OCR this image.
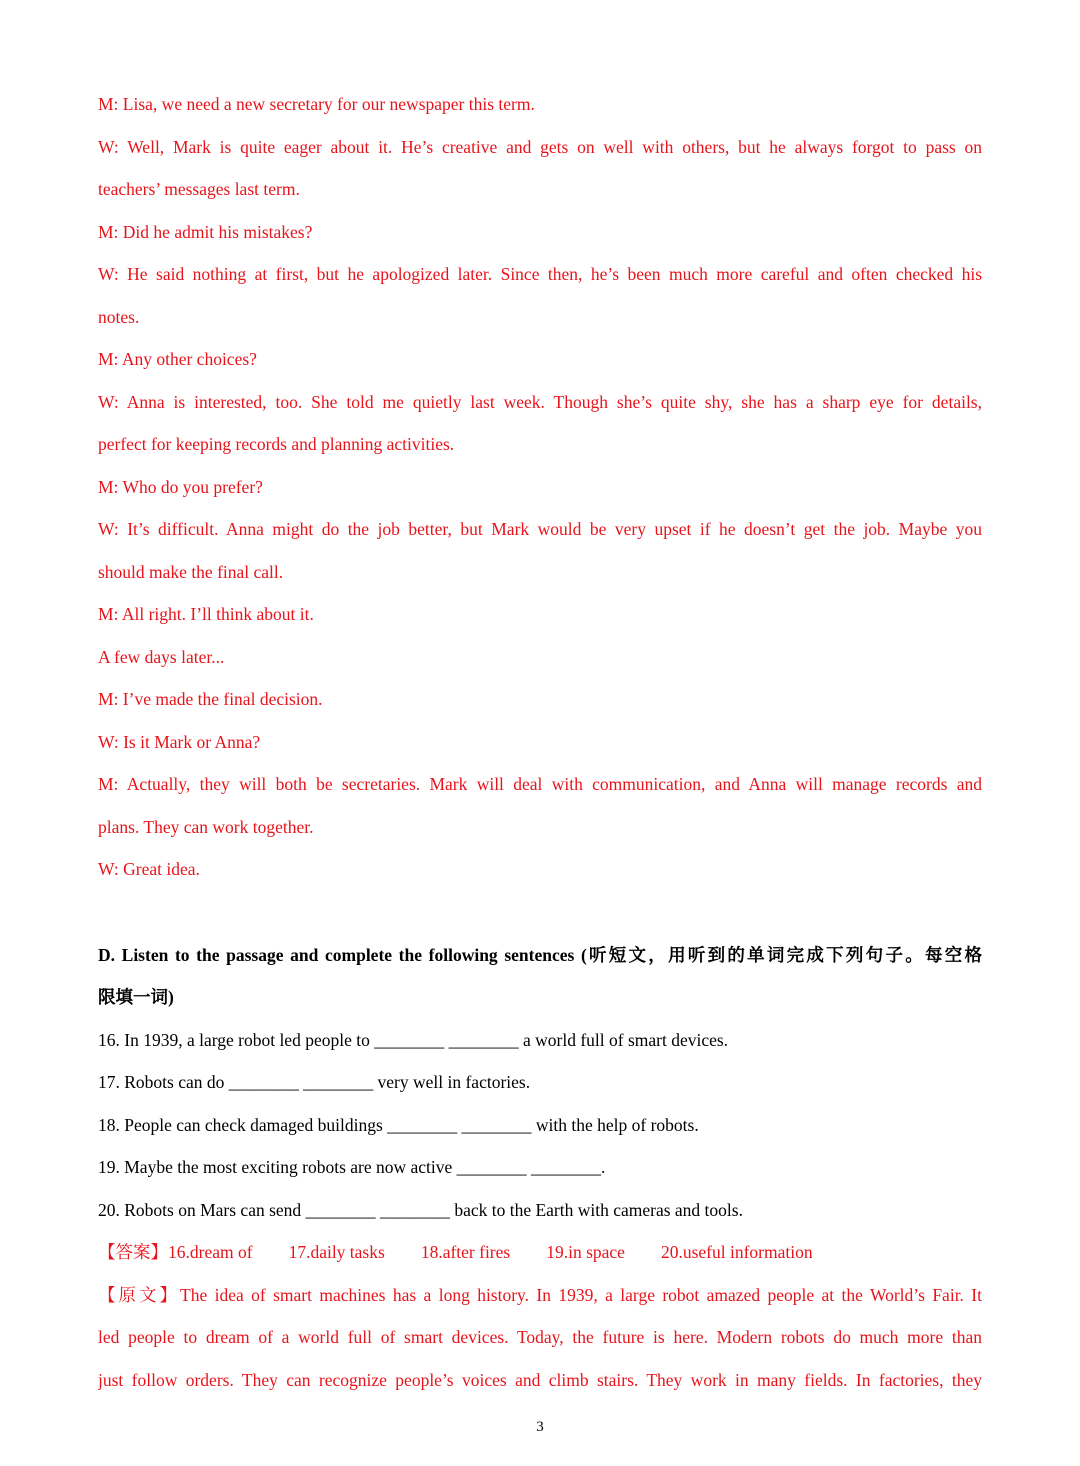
M: Lisa, we need a new secretary for our newspaper this term.
W: Well, Mark is quite eager about it. He’s creative and gets on well with others, but he always forgot to pass on
teachers’ messages last term.
M: Did he admit his mistakes?
W: He said nothing at first, but he apologized later. Since then, he’s been much more careful and often checked his
notes.
M: Any other choices?
W: Anna is interested, too. She told me quietly last week. Though she’s quite shy, she has a sharp eye for details,
perfect for keeping records and planning activities.
M: Who do you prefer?
W: It’s difficult. Anna might do the job better, but Mark would be very upset if he doesn’t get the job. Maybe you
should make the final call.
M: All right. I’ll think about it.
A few days later...
M: I’ve made the final decision.
W: Is it Mark or Anna?
M: Actually, they will both be secretaries. Mark will deal with communication, and Anna will manage records and
plans. They can work together.
W: Great idea.
D. Listen to the passage and complete the following sentences (听短文，用听到的单词完成下列句子。每空格
限填一词)
16. In 1939, a large robot led people to ________ ________ a world full of smart devices.
17. Robots can do ________ ________ very well in factories.
18. People can check damaged buildings ________ ________ with the help of robots.
19. Maybe the most exciting robots are now active ________ ________.
20. Robots on Mars can send ________ ________ back to the Earth with cameras and tools.
【答案】16.dream of 17.daily tasks 18.after fires 19.in space 20.useful information
【原文】The idea of smart machines has a long history. In 1939, a large robot amazed people at the World’s Fair. It
led people to dream of a world full of smart devices. Today, the future is here. Modern robots do much more than
just follow orders. They can recognize people’s voices and climb stairs. They work in many fields. In factories, they
3
